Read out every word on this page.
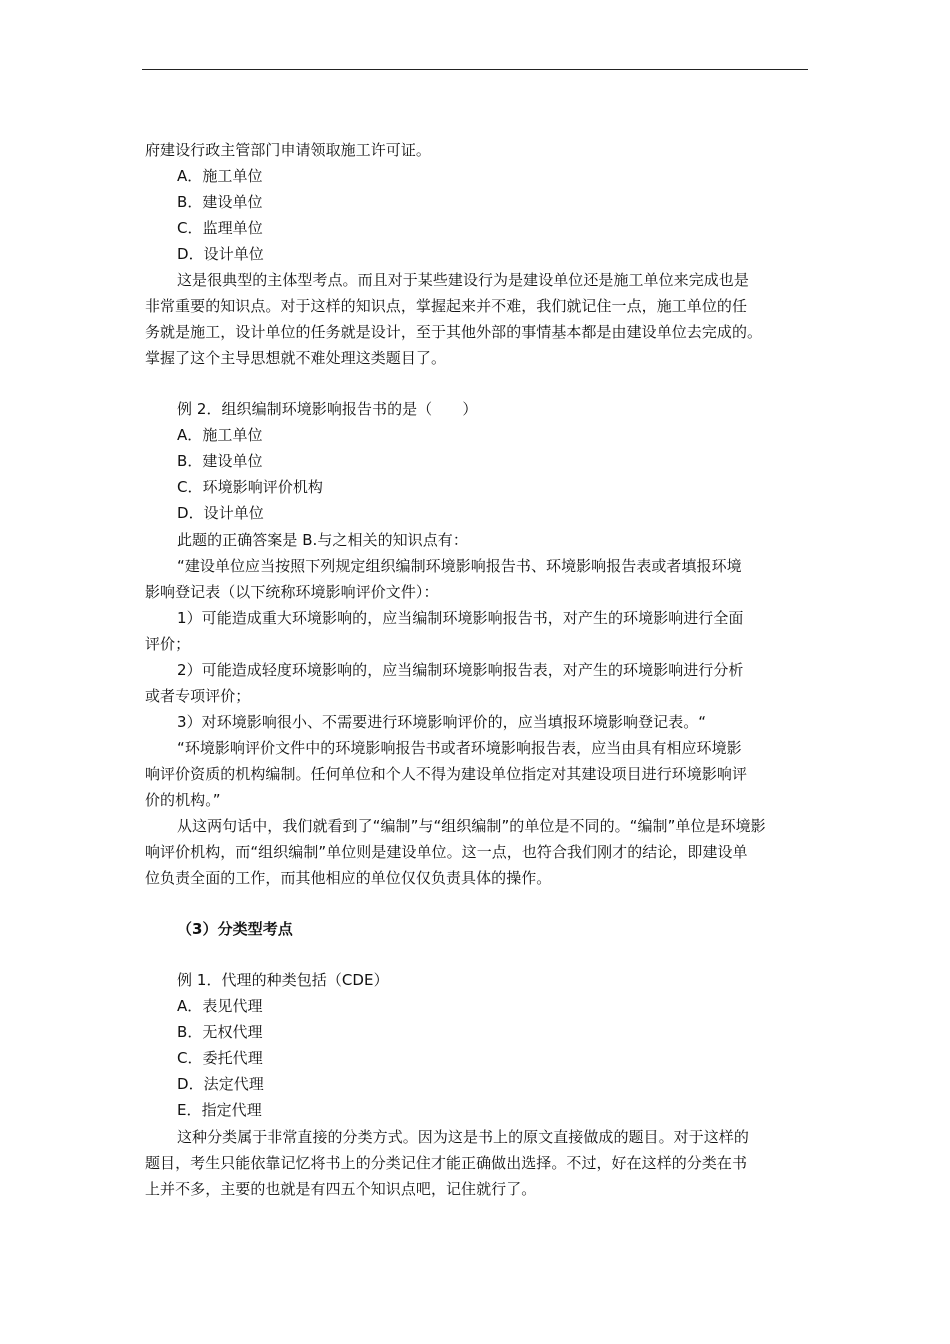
府建设行政主管部门申请领取施工许可证。
A．施工单位
B．建设单位
C．监理单位
D．设计单位
这是很典型的主体型考点。而且对于某些建设行为是建设单位还是施工单位来完成也是
非常重要的知识点。对于这样的知识点，掌握起来并不难，我们就记住一点，施工单位的任
务就是施工，设计单位的任务就是设计，至于其他外部的事情基本都是由建设单位去完成的。
掌握了这个主导思想就不难处理这类题目了。
例 2．组织编制环境影响报告书的是（　　）
A．施工单位
B．建设单位
C．环境影响评价机构
D．设计单位
此题的正确答案是 B.与之相关的知识点有：
“建设单位应当按照下列规定组织编制环境影响报告书、环境影响报告表或者填报环境
影响登记表（以下统称环境影响评价文件）：
1）可能造成重大环境影响的，应当编制环境影响报告书，对产生的环境影响进行全面
评价；
2）可能造成轻度环境影响的，应当编制环境影响报告表，对产生的环境影响进行分析
或者专项评价；
3）对环境影响很小、不需要进行环境影响评价的，应当填报环境影响登记表。“
“环境影响评价文件中的环境影响报告书或者环境影响报告表，应当由具有相应环境影
响评价资质的机构编制。任何单位和个人不得为建设单位指定对其建设项目进行环境影响评
价的机构。”
从这两句话中，我们就看到了“编制”与“组织编制”的单位是不同的。“编制”单位是环境影
响评价机构，而“组织编制”单位则是建设单位。这一点，也符合我们刚才的结论，即建设单
位负责全面的工作，而其他相应的单位仅仅负责具体的操作。
（3）分类型考点
例 1．代理的种类包括（CDE）
A．表见代理
B．无权代理
C．委托代理
D．法定代理
E．指定代理
这种分类属于非常直接的分类方式。因为这是书上的原文直接做成的题目。对于这样的
题目，考生只能依靠记忆将书上的分类记住才能正确做出选择。不过，好在这样的分类在书
上并不多，主要的也就是有四五个知识点吧，记住就行了。
